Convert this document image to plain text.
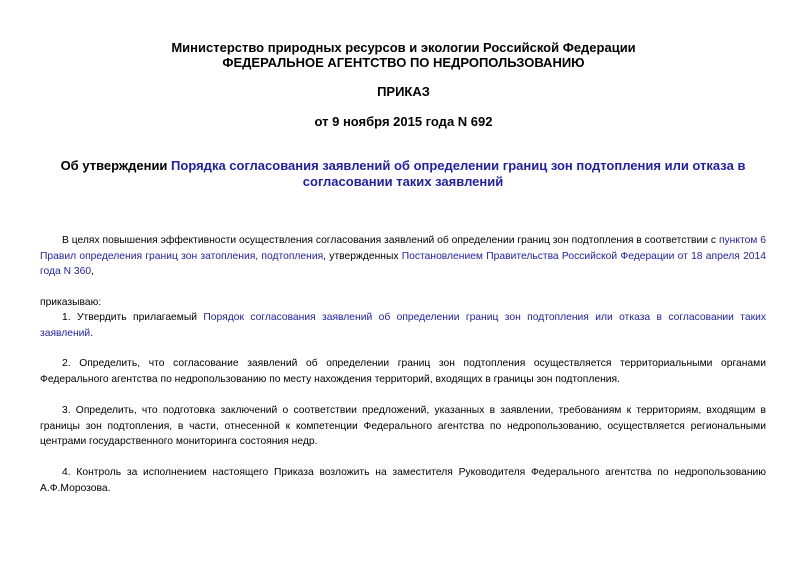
Министерство природных ресурсов и экологии Российской Федерации
ФЕДЕРАЛЬНОЕ АГЕНТСТВО ПО НЕДРОПОЛЬЗОВАНИЮ
ПРИКАЗ
от 9 ноября 2015 года N 692
Об утверждении Порядка согласования заявлений об определении границ зон подтопления или отказа в согласовании таких заявлений
В целях повышения эффективности осуществления согласования заявлений об определении границ зон подтопления в соответствии с пунктом 6 Правил определения границ зон затопления, подтопления, утвержденных Постановлением Правительства Российской Федерации от 18 апреля 2014 года N 360,
приказываю:
1. Утвердить прилагаемый Порядок согласования заявлений об определении границ зон подтопления или отказа в согласовании таких заявлений.
2. Определить, что согласование заявлений об определении границ зон подтопления осуществляется территориальными органами Федерального агентства по недропользованию по месту нахождения территорий, входящих в границы зон подтопления.
3. Определить, что подготовка заключений о соответствии предложений, указанных в заявлении, требованиям к территориям, входящим в границы зон подтопления, в части, отнесенной к компетенции Федерального агентства по недропользованию, осуществляется региональными центрами государственного мониторинга состояния недр.
4. Контроль за исполнением настоящего Приказа возложить на заместителя Руководителя Федерального агентства по недропользованию А.Ф.Морозова.
